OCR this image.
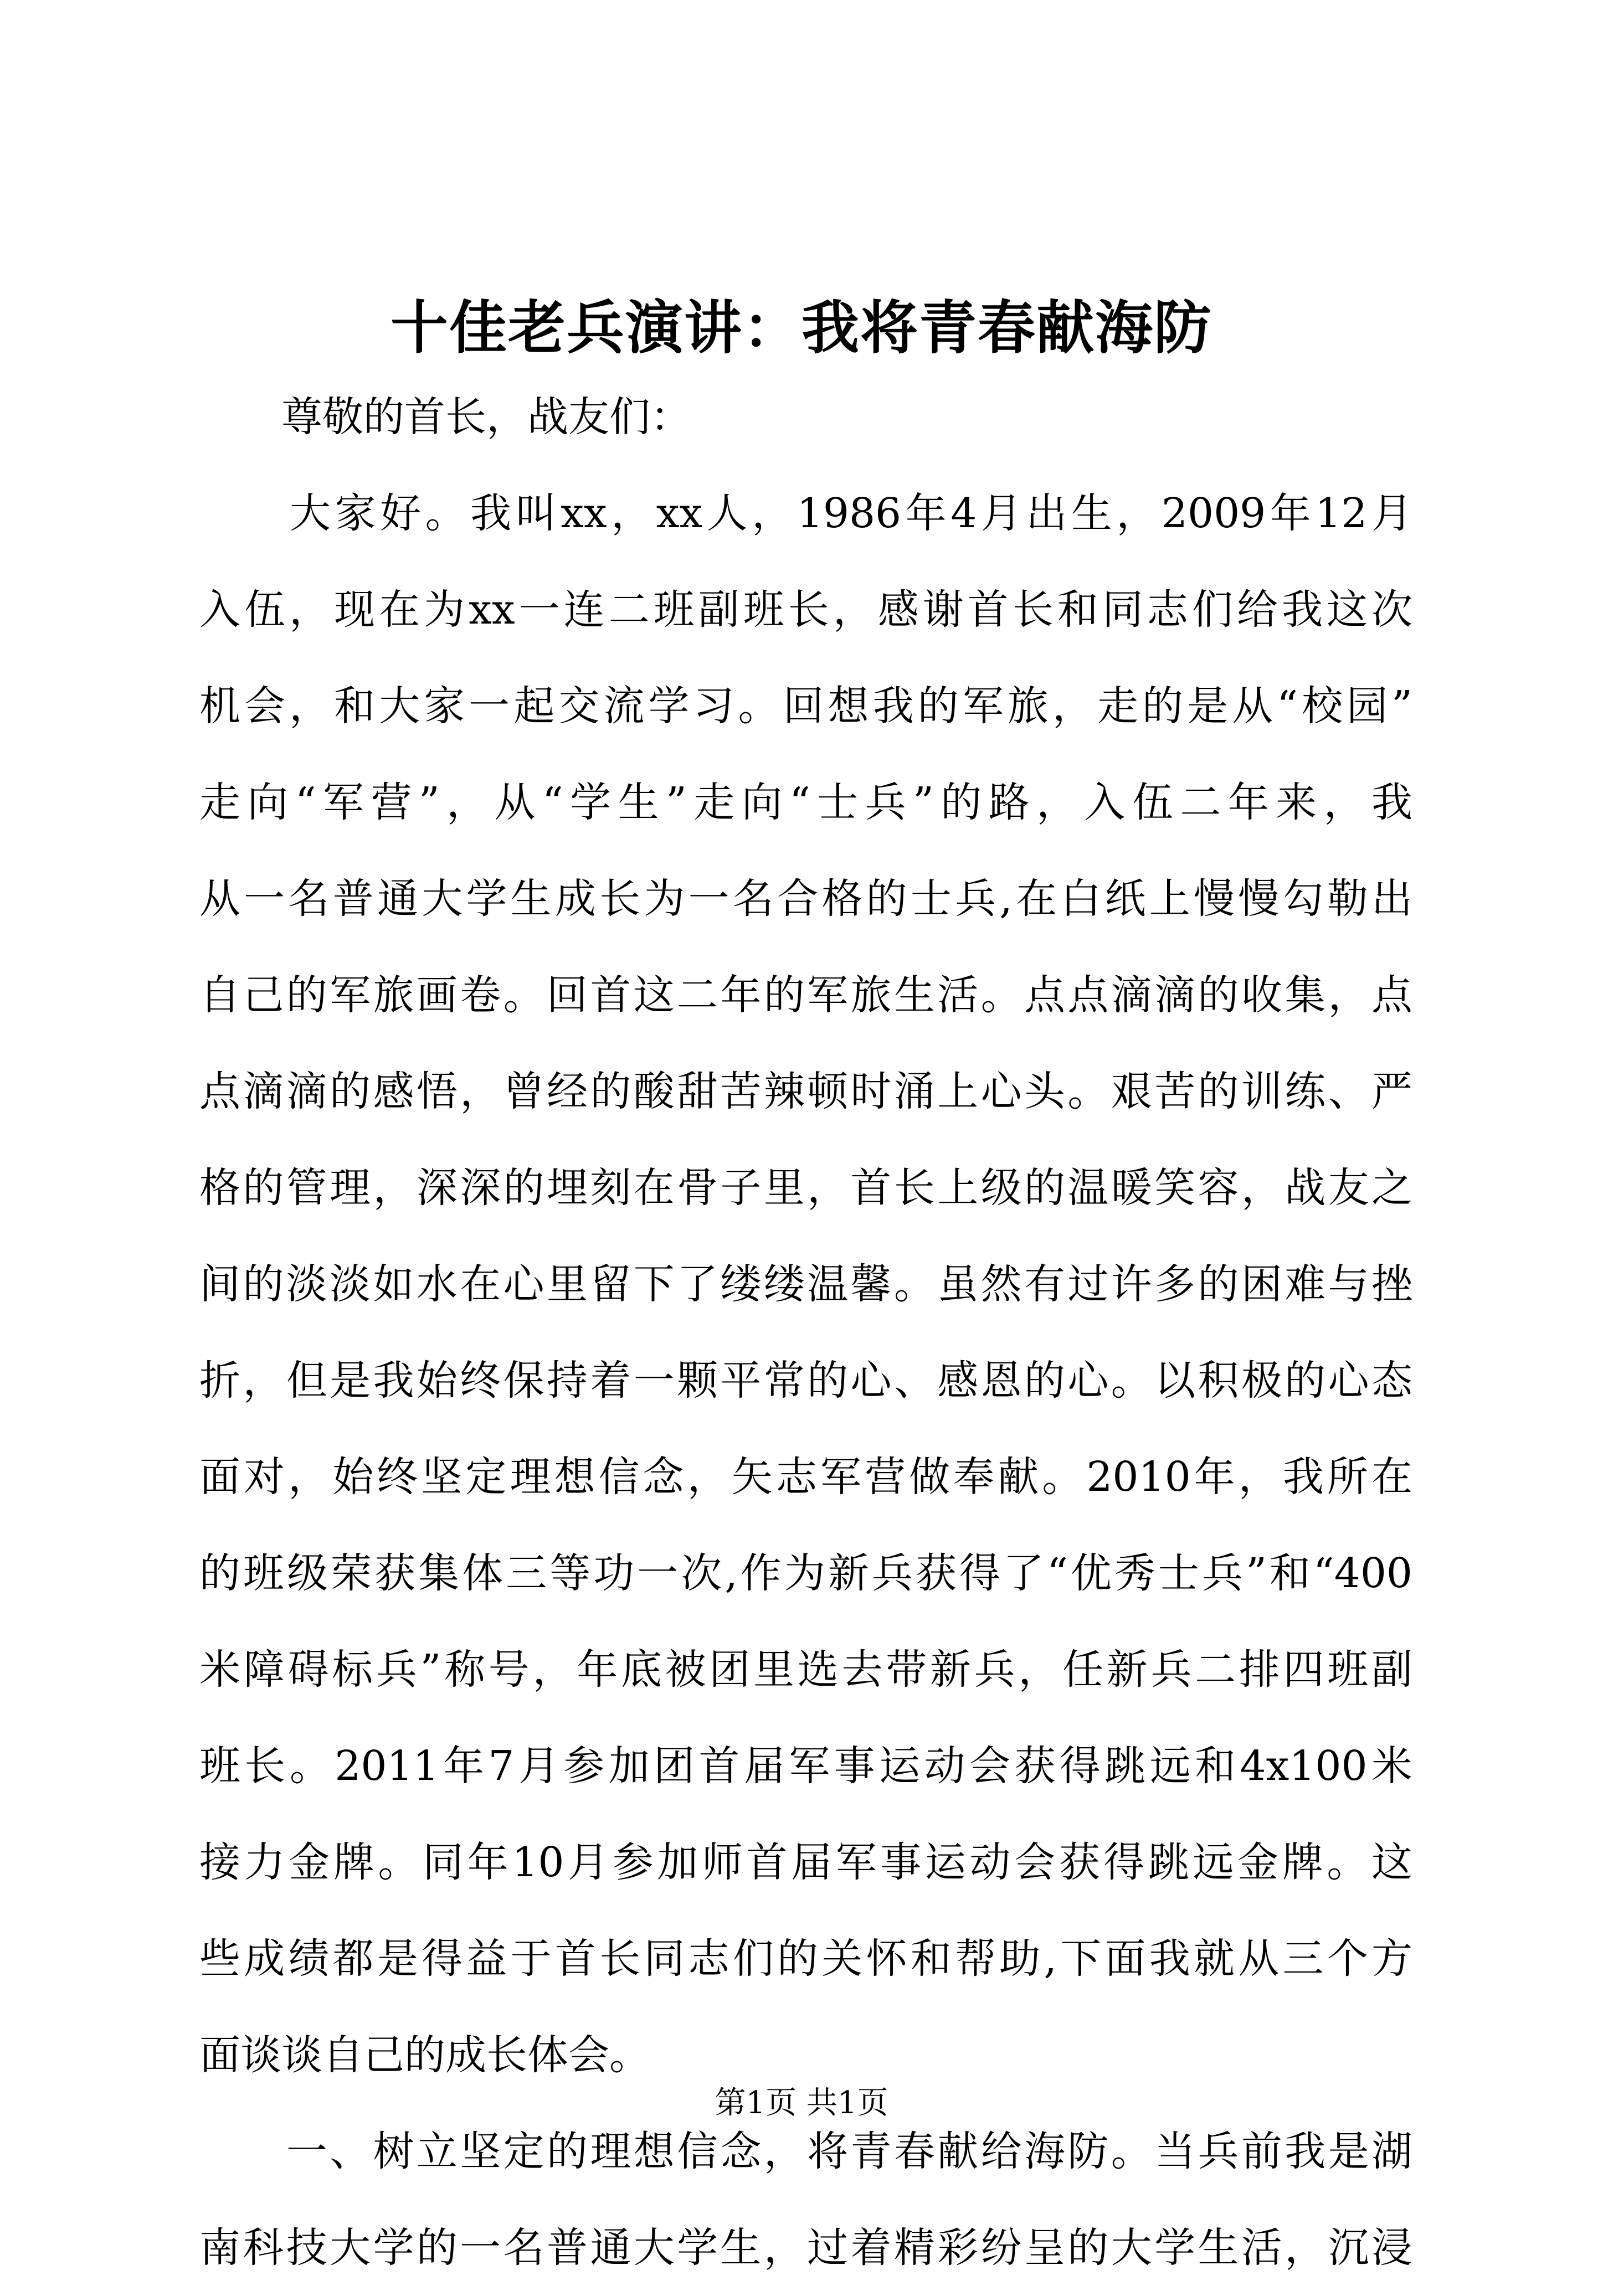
十佳老兵演讲：我将青春献海防
　　尊敬的首长，战友们：
　　大家好。我叫xx，xx人，1986年4月出生，2009年12月
入伍，现在为xx一连二班副班长，感谢首长和同志们给我这次
机会，和大家一起交流学习。回想我的军旅，走的是从“校园”
走向“军营”，从“学生”走向“士兵”的路，入伍二年来，我
从一名普通大学生成长为一名合格的士兵,在白纸上慢慢勾勒出
自己的军旅画卷。回首这二年的军旅生活。点点滴滴的收集，点
点滴滴的感悟，曾经的酸甜苦辣顿时涌上心头。艰苦的训练、严
格的管理，深深的埋刻在骨子里，首长上级的温暖笑容，战友之
间的淡淡如水在心里留下了缕缕温馨。虽然有过许多的困难与挫
折，但是我始终保持着一颗平常的心、感恩的心。以积极的心态
面对，始终坚定理想信念，矢志军营做奉献。2010年，我所在
的班级荣获集体三等功一次,作为新兵获得了“优秀士兵”和“400
米障碍标兵”称号，年底被团里选去带新兵，任新兵二排四班副
班长。2011年7月参加团首届军事运动会获得跳远和4x100米
接力金牌。同年10月参加师首届军事运动会获得跳远金牌。这
些成绩都是得益于首长同志们的关怀和帮助,下面我就从三个方
面谈谈自己的成长体会。
　　一、树立坚定的理想信念，将青春献给海防。当兵前我是湖
南科技大学的一名普通大学生，过着精彩纷呈的大学生活，沉浸
第1页 共1页
